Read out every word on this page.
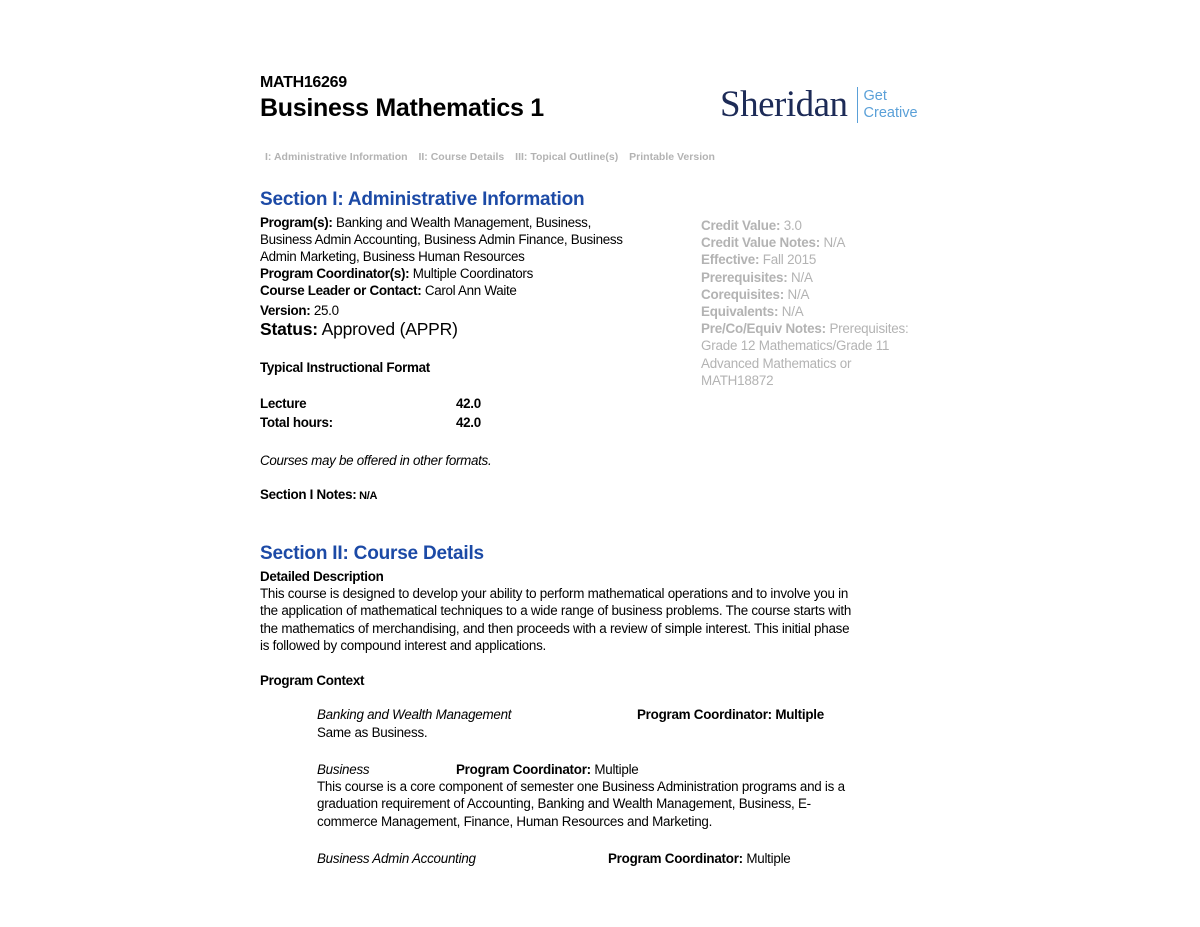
MATH16269
Business Mathematics 1	Sheridan Get
Creative
I: Administrative Information II: Course Details III: Topical Outline(s) Printable Version
Section I: Administrative Information
Program(s): Banking and Wealth Management, Business,
Business Admin Accounting, Business Admin Finance, Business
Admin Marketing, Business Human Resources
Program Coordinator(s): Multiple Coordinators
Course Leader or Contact: Carol Ann Waite
Version: 25.0
Status: Approved (APPR)
Typical Instructional Format
Lecture	42.0
Total hours:	42.0
Courses may be offered in other formats.
Section I Notes: N/A
Credit Value: 3.0
Credit Value Notes: N/A
Effective: Fall 2015
Prerequisites: N/A
Corequisites: N/A
Equivalents: N/A
Pre/Co/Equiv Notes: Prerequisites:
Grade 12 Mathematics/Grade 11
Advanced Mathematics or
MATH18872
Section II: Course Details
Detailed Description
This course is designed to develop your ability to perform mathematical operations and to involve you in
the application of mathematical techniques to a wide range of business problems. The course starts with
the mathematics of merchandising, and then proceeds with a review of simple interest. This initial phase
is followed by compound interest and applications.
Program Context
Banking and Wealth Management	Program Coordinator: Multiple
Same as Business.
Business	Program Coordinator: Multiple
This course is a core component of semester one Business Administration programs and is a
graduation requirement of Accounting, Banking and Wealth Management, Business, E-
commerce Management, Finance, Human Resources and Marketing.
Business Admin Accounting	Program Coordinator: Multiple
